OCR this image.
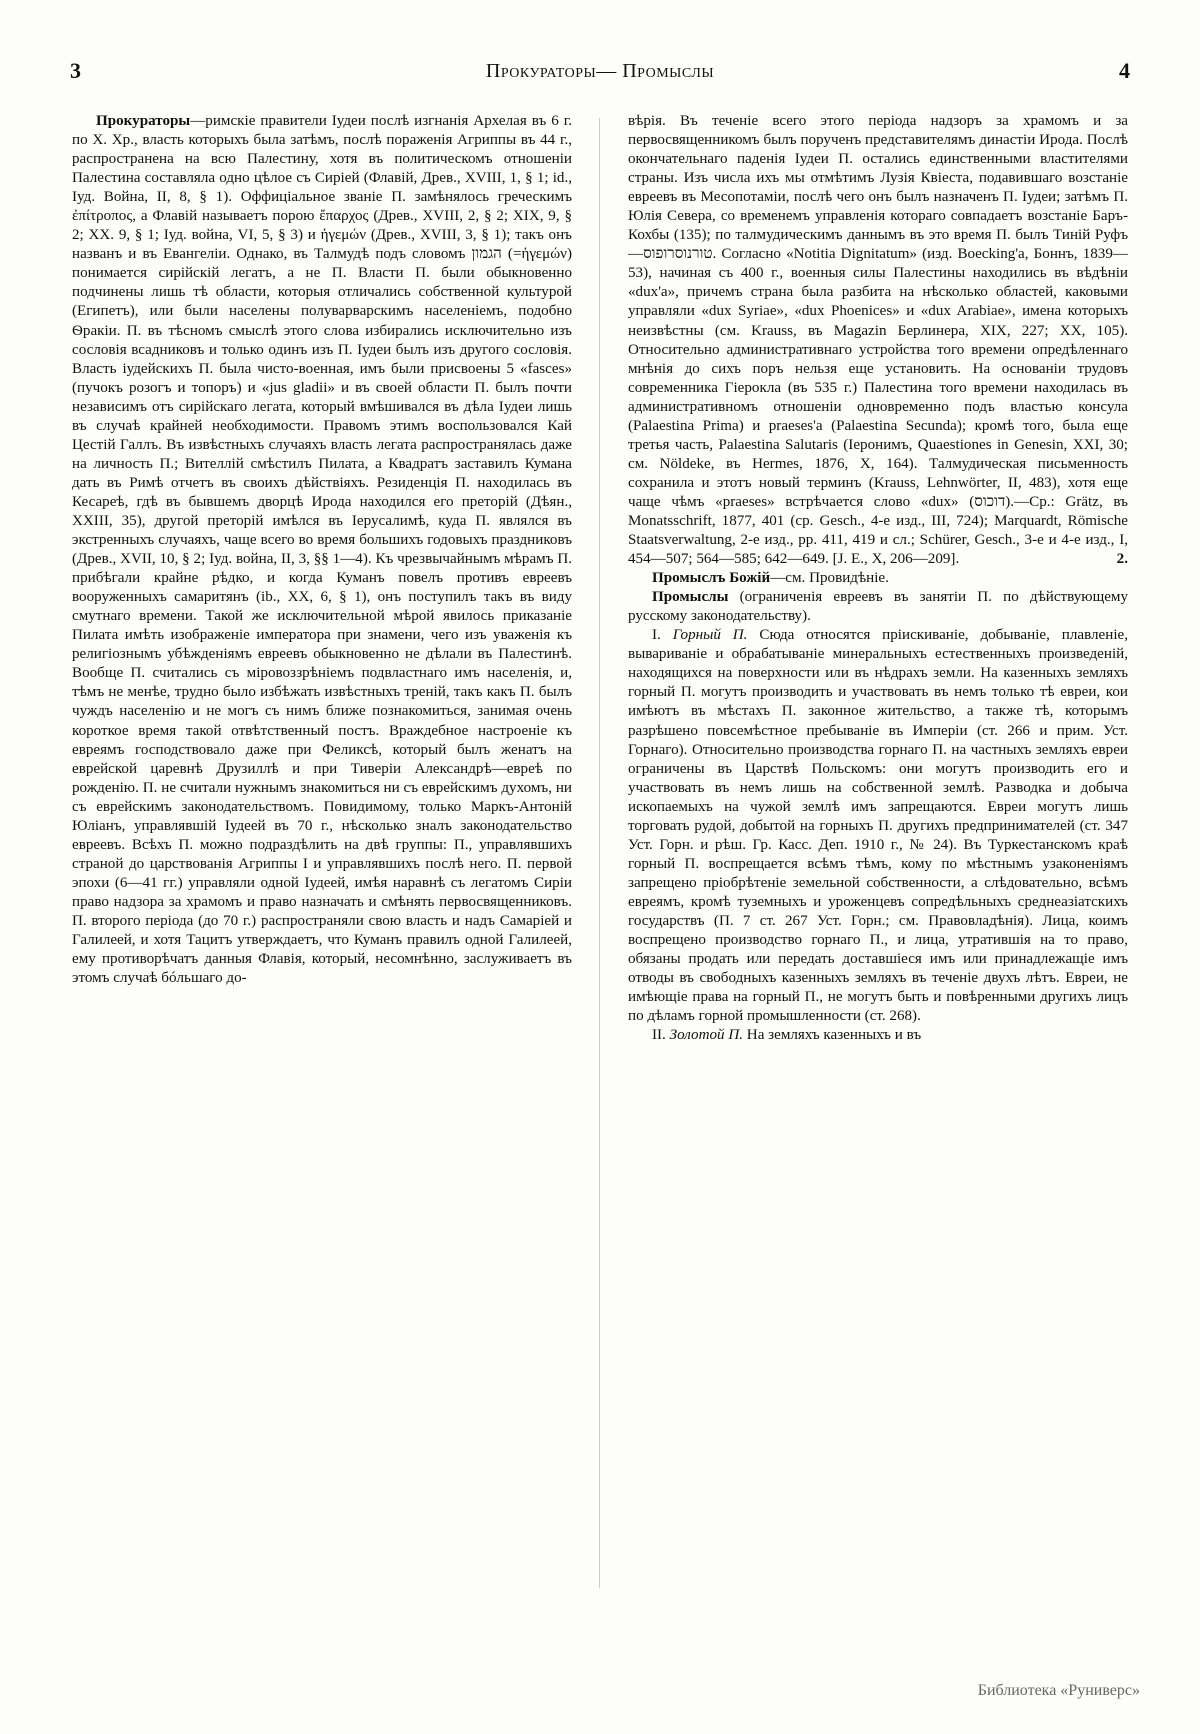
3	Прокураторы— Промыслы	4

Прокураторы—римскіе правители Іудеи послѣ изгнанія Архелая въ 6 г. по Х. Хр., власть которыхъ была затѣмъ, послѣ пораженія Агриппы въ 44 г., распространена на всю Палестину, хотя въ политическомъ отношеніи Палестина составляла одно цѣлое съ Сиріей (Флавій, Древ., XVIII, 1, § 1; id., Іуд. Война, II, 8, § 1). Оффиціальное званіе П. замѣнялось греческимъ ἐπίτροπος, а Флавій называетъ порою ἔπαρχος (Древ., XVIII, 2, § 2; XIX, 9, § 2; XX. 9, § 1; Іуд. война, VI, 5, § 3) и ἡγεμών (Древ., XVIII, 3, § 1); такъ онъ названъ и въ Евангеліи. Однако, въ Талмудѣ подъ словомъ הגמון (=ἡγεμών) понимается сирійскій легатъ, а не П. Власти П. были обыкновенно подчинены лишь тѣ области, которыя отличались собственной культурой (Египетъ), или были населены полуварварскимъ населеніемъ, подобно Ѳракіи. П. въ тѣсномъ смыслѣ этого слова избирались исключительно изъ сословія всадниковъ и только одинъ изъ П. Іудеи былъ изъ другого сословія. Власть іудейскихъ П. была чисто-военная, имъ были присвоены 5 «fasces» (пучокъ розогъ и топоръ) и «jus gladii» и въ своей области П. былъ почти независимъ отъ сирійскаго легата, который вмѣшивался въ дѣла Іудеи лишь въ случаѣ крайней необходимости. Правомъ этимъ воспользовался Кай Цестій Галлъ. Въ извѣстныхъ случаяхъ власть легата распространялась даже на личность П.; Вителлій смѣстилъ Пилата, а Квадратъ заставилъ Кумана дать въ Римѣ отчетъ въ своихъ дѣйствіяхъ. Резиденція П. находилась въ Кесарeѣ, гдѣ въ бывшемъ дворцѣ Ирода находился его преторій (Дѣян., XXIII, 35), другой преторій имѣлся въ Іерусалимѣ, куда П. являлся въ экстренныхъ случаяхъ, чаще всего во время большихъ годовыхъ праздниковъ (Древ., XVII, 10, § 2; Іуд. война, II, 3, §§ 1—4). Къ чрезвычайнымъ мѣрамъ П. прибѣгали крайне рѣдко, и когда Куманъ повелъ противъ евреевъ вооруженныхъ самаритянъ (ib., XX, 6, § 1), онъ поступилъ такъ въ виду смутнаго времени. Такой же исключительной мѣрой явилось приказаніе Пилата имѣть изображеніе императора при знамени, чего изъ уваженія къ религіознымъ убѣжденіямъ евреевъ обыкновенно не дѣлали въ Палестинѣ. Вообще П. считались съ міровоззрѣніемъ подвластнаго имъ населенія, и, тѣмъ не менѣе, трудно было избѣжать извѣстныхъ треній, такъ какъ П. былъ чуждъ населенію и не могъ съ нимъ ближе познакомиться, занимая очень короткое время такой отвѣтственный постъ. Враждебное настроеніе къ евреямъ господствовало даже при Феликсѣ, который былъ женатъ на еврейской царевнѣ Друзиллѣ и при Тиверіи Александрѣ—евреѣ по рожденію. П. не считали нужнымъ знакомиться ни съ еврейскимъ духомъ, ни съ еврейскимъ законодательствомъ. Повидимому, только Маркъ-Антоній Юліанъ, управлявшій Іудеей въ 70 г., нѣсколько зналъ законодательство евреевъ. Всѣхъ П. можно подраздѣлить на двѣ группы: П., управлявшихъ страной до царствованія Агриппы I и управлявшихъ послѣ него. П. первой эпохи (6—41 гг.) управляли одной Іудеей, имѣя наравнѣ съ легатомъ Сиріи право надзора за храмомъ и право назначать и смѣнять первосвященниковъ. П. второго періода (до 70 г.) распространяли свою власть и надъ Самаріей и Галилеей, и хотя Тацитъ утверждаетъ, что Куманъ правилъ одной Галилеей, ему противорѣчатъ данныя Флавія, который, несомнѣнно, заслуживаетъ въ этомъ случаѣ бóльшаго до-

вѣрія. Въ теченіе всего этого періода надзоръ за храмомъ и за первосвященникомъ былъ порученъ представителямъ династіи Ирода. Послѣ окончательнаго паденія Іудеи П. остались единственными властителями страны. Изъ числа ихъ мы отмѣтимъ Лузія Квіеста, подавившаго возстаніе евреевъ въ Месопотаміи, послѣ чего онъ былъ назначенъ П. Іудеи; затѣмъ П. Юлія Севера, со временемъ управленія котораго совпадаетъ возстаніе Баръ-Кохбы (135); по талмудическимъ даннымъ въ это время П. былъ Тиній Руфъ—טורנוסרופוס. Согласно «Notitia Dignitatum» (изд. Boecking'a, Боннъ, 1839—53), начиная съ 400 г., военныя силы Палестины находились въ вѣдѣніи «dux'a», причемъ страна была разбита на нѣсколько областей, каковыми управляли «dux Syriae», «dux Phoenices» и «dux Arabiae», имена которыхъ неизвѣстны (см. Krauss, въ Magazin Берлинера, XIX, 227; XX, 105). Относительно административнаго устройства того времени опредѣленнаго мнѣнія до сихъ поръ нельзя еще установить. На основаніи трудовъ современника Гіерокла (въ 535 г.) Палестина того времени находилась въ административномъ отношеніи одновременно подъ властью консула (Palaestina Prima) и praeses'a (Palaestina Secunda); кромѣ того, была еще третья часть, Palaestina Salutaris (Іеронимъ, Quaestiones in Genesin, XXI, 30; см. Nöldeke, въ Hermes, 1876, X, 164). Талмудическая письменность сохранила и этотъ новый терминъ (Krauss, Lehnwörter, II, 483), хотя еще чаще чѣмъ «praeses» встрѣчается слово «dux» (דוכוס).—Ср.: Grätz, въ Monatsschrift, 1877, 401 (ср. Gesch., 4-е изд., III, 724); Marquardt, Römische Staatsverwaltung, 2-е изд., pp. 411, 419 и сл.; Schürer, Gesch., 3-е и 4-е изд., I, 454—507; 564—585; 642—649. [J. E., X, 206—209].	2.

Промыслъ Божій—см. Провидѣніе.

Промыслы (ограниченія евреевъ въ занятіи П. по дѣйствующему русскому законодательству).

I. Горный П. Сюда относятся пріискиваніе, добываніе, плавленіе, вывариваніе и обрабатываніе минеральныхъ естественныхъ произведеній, находящихся на поверхности или въ нѣдрахъ земли. На казенныхъ земляхъ горный П. могутъ производить и участвовать въ немъ только тѣ евреи, кои имѣютъ въ мѣстахъ П. законное жительство, а также тѣ, которымъ разрѣшено повсемѣстное пребываніе въ Имперіи (ст. 266 и прим. Уст. Горнаго). Относительно производства горнаго П. на частныхъ земляхъ евреи ограничены въ Царствѣ Польскомъ: они могутъ производить его и участвовать въ немъ лишь на собственной землѣ. Разводка и добыча ископаемыхъ на чужой землѣ имъ запрещаются. Евреи могутъ лишь торговать рудой, добытой на горныхъ П. другихъ предпринимателей (ст. 347 Уст. Горн. и рѣш. Гр. Касс. Деп. 1910 г., № 24). Въ Туркестанскомъ краѣ горный П. воспрещается всѣмъ тѣмъ, кому по мѣстнымъ узаконеніямъ запрещено пріобрѣтеніе земельной собственности, а слѣдовательно, всѣмъ евреямъ, кромѣ туземныхъ и уроженцевъ сопредѣльныхъ среднеазіатскихъ государствъ (П. 7 ст. 267 Уст. Горн.; см. Правовладѣнія). Лица, коимъ воспрещено производство горнаго П., и лица, утратившія на то право, обязаны продать или передать доставшіеся имъ или принадлежащіе имъ отводы въ свободныхъ казенныхъ земляхъ въ теченіе двухъ лѣтъ. Евреи, не имѣющіе права на горный П., не могутъ быть и повѣренными другихъ лицъ по дѣламъ горной промышленности (ст. 268).

II. Золотой П. На земляхъ казенныхъ и въ

Библиотека «Руниверс»
